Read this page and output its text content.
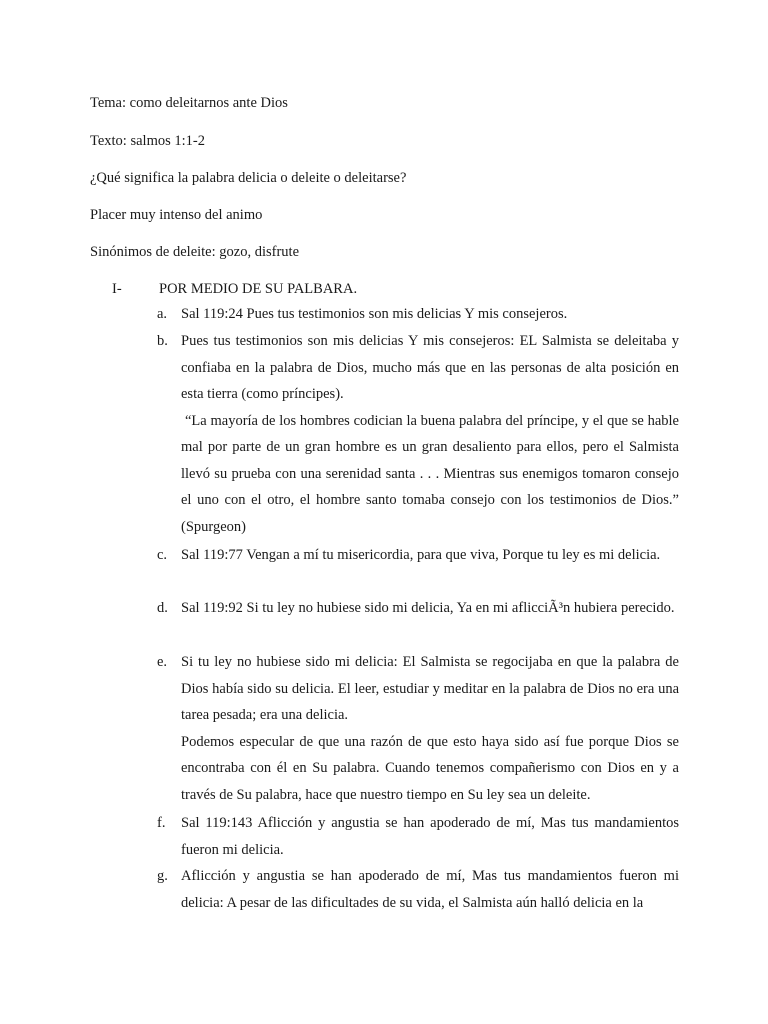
Tema: como deleitarnos ante Dios

Texto: salmos 1:1-2

¿Qué significa la palabra delicia o deleite o deleitarse?

Placer muy intenso del animo

Sinónimos de deleite: gozo, disfrute

I-	POR MEDIO DE SU PALBARA.
a. Sal 119:24 Pues tus testimonios son mis delicias Y mis consejeros.

b. Pues tus testimonios son mis delicias Y mis consejeros: EL Salmista se deleitaba y confiaba en la palabra de Dios, mucho más que en las personas de alta posición en esta tierra (como príncipes).

“La mayoría de los hombres codician la buena palabra del príncipe, y el que se hable mal por parte de un gran hombre es un gran desaliento para ellos, pero el Salmista llevó su prueba con una serenidad santa . . . Mientras sus enemigos tomaron consejo el uno con el otro, el hombre santo tomaba consejo con los testimonios de Dios.” (Spurgeon)

c. Sal 119:77 Vengan a mí tu misericordia, para que viva, Porque tu ley es mi delicia.

d. Sal 119:92 Si tu ley no hubiese sido mi delicia, Ya en mi aflicciÃ³n hubiera perecido.

e. Si tu ley no hubiese sido mi delicia: El Salmista se regocijaba en que la palabra de Dios había sido su delicia. El leer, estudiar y meditar en la palabra de Dios no era una tarea pesada; era una delicia.

Podemos especular de que una razón de que esto haya sido así fue porque Dios se encontraba con él en Su palabra. Cuando tenemos compañerismo con Dios en y a través de Su palabra, hace que nuestro tiempo en Su ley sea un deleite.

f.	Sal 119:143 Aflicción y angustia se han apoderado de mí, Mas tus mandamientos fueron mi delicia.

g. Aflicción y angustia se han apoderado de mí, Mas tus mandamientos fueron mi delicia: A pesar de las dificultades de su vida, el Salmista aún halló delicia en la
